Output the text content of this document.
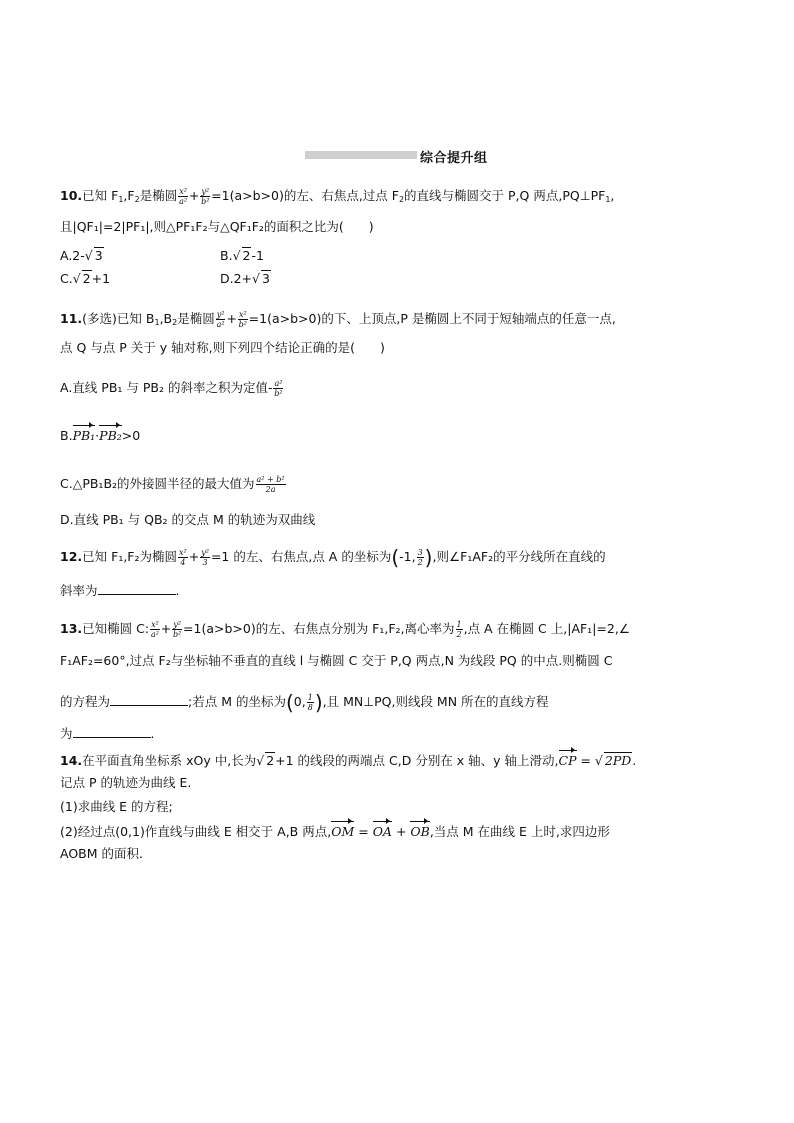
综合提升组
10.已知 $F_1,F_2$是椭圆 $\frac{\text{x²}}{\text{a²}} + \frac{\text{y²}}{\text{b²}} =1(a>b>0)$的左、右焦点,过点 $F_2$的直线与椭圆交于 P,Q 两点$,PQ\perp PF_1$,
且|QF₁|=2|PF₁|,则△PF₁F₂与△QF₁F₂的面积之比为(　　)
A.2-√ 3	B.√ 2-1
C.√ 2+1	D.2+√ 3
11.(多选)已知 $B_1,B_2$是椭圆 $\frac{\text{y²}}{\text{a²}} + \frac{\text{x²}}{\text{b²}} =1(a>b>0)$的下、上顶点,P 是椭圆上不同于短轴端点的任意一点,
点 Q 与点 P 关于 y 轴对称,则下列四个结论正确的是(　　)
A.直线 PB₁ 与 PB₂ 的斜率之积为定值- $\frac{\text{a²}}{\text{b²}}$
B.PB₁·PB₂>0
C.△PB₁B₂的外接圆半径的最大值为 $\frac{\text{a² + b²}}{2a}$
D.直线 PB₁ 与 QB₂ 的交点 M 的轨迹为双曲线
12.已知 F₁,F₂为椭圆 $\frac{\text{x²}}{4} + \frac{\text{y²}}{3} =1$ 的左、右焦点,点 A 的坐标为(-1, $\frac{3}{2}$ ),则∠F₁AF₂的平分线所在直线的
斜率为	.
13.已知椭圆 C: $\frac{\text{x²}}{\text{a²}} + \frac{\text{y²}}{\text{b²}} =1(a>b>0)$的左、右焦点分别为 F₁,F₂,离心率为 $\frac{1}{2}$ ,点 A 在椭圆 C 上,|AF₁|=2,∠
F₁AF₂=60°,过点 F₂与坐标轴不垂直的直线 l 与椭圆 C 交于 P,Q 两点,N 为线段 PQ 的中点.则椭圆 C
的方程为	;若点 M 的坐标为(0, $\frac{1}{8}$ ),且 MN⊥PQ,则线段 MN 所在的直线方程
为	.
14.在平面直角坐标系 xOy 中,长为√ 2+1 的线段的两端点 C,D 分别在 x 轴、y 轴上滑动,CP = √ 2PD.
记点 P 的轨迹为曲线 E.
(1)求曲线 E 的方程;
(2)经过点(0,1)作直线与曲线 E 相交于 A,B 两点,OM = OA + OB,当点 M 在曲线 E 上时,求四边形
AOBM 的面积.
